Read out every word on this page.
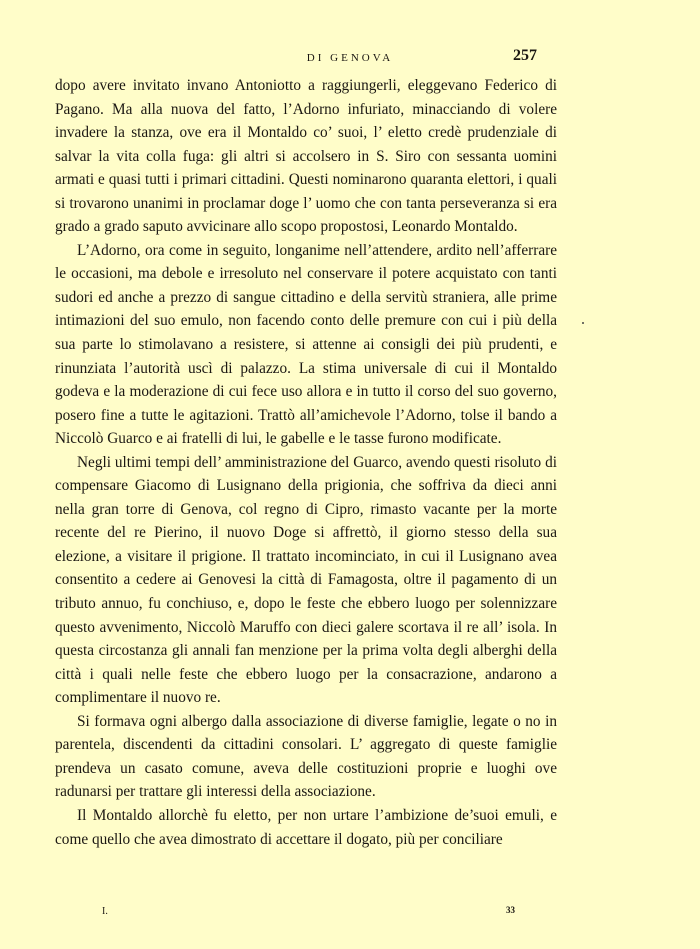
DI GENOVA	257

dopo avere invitato invano Antoniotto a raggiungerli, eleggevano Federico di Pagano. Ma alla nuova del fatto, l’Adorno infuriato, minacciando di volere invadere la stanza, ove era il Montaldo co’ suoi, l’ eletto credè prudenziale di salvar la vita colla fuga: gli altri si accolsero in S. Siro con sessanta uomini armati e quasi tutti i primari cittadini. Questi nominarono quaranta elettori, i quali si trovarono unanimi in proclamar doge l’ uomo che con tanta perseveranza si era grado a grado saputo avvicinare allo scopo propostosi, Leonardo Montaldo.

L’Adorno, ora come in seguito, longanime nell’attendere, ardito nell’afferrare le occasioni, ma debole e irresoluto nel conservare il potere acquistato con tanti sudori ed anche a prezzo di sangue cittadino e della servitù straniera, alle prime intimazioni del suo emulo, non facendo conto delle premure con cui i più della sua parte lo stimolavano a resistere, si attenne ai consigli dei più prudenti, e rinunziata l’autorità uscì di palazzo. La stima universale di cui il Montaldo godeva e la moderazione di cui fece uso allora e in tutto il corso del suo governo, posero fine a tutte le agitazioni. Trattò all’amichevole l’Adorno, tolse il bando a Niccolò Guarco e ai fratelli di lui, le gabelle e le tasse furono modificate.

Negli ultimi tempi dell’ amministrazione del Guarco, avendo questi risoluto di compensare Giacomo di Lusignano della prigionia, che soffriva da dieci anni nella gran torre di Genova, col regno di Cipro, rimasto vacante per la morte recente del re Pierino, il nuovo Doge si affrettò, il giorno stesso della sua elezione, a visitare il prigione. Il trattato incominciato, in cui il Lusignano avea consentito a cedere ai Genovesi la città di Famagosta, oltre il pagamento di un tributo annuo, fu conchiuso, e, dopo le feste che ebbero luogo per solennizzare questo avvenimento, Niccolò Maruffo con dieci galere scortava il re all’ isola. In questa circostanza gli annali fan menzione per la prima volta degli alberghi della città i quali nelle feste che ebbero luogo per la consacrazione, andarono a complimentare il nuovo re.

Si formava ogni albergo dalla associazione di diverse famiglie, legate o no in parentela, discendenti da cittadini consolari. L’ aggregato di queste famiglie prendeva un casato comune, aveva delle costituzioni proprie e luoghi ove radunarsi per trattare gli interessi della associazione.

Il Montaldo allorchè fu eletto, per non urtare l’ambizione de’suoi emuli, e come quello che avea dimostrato di accettare il dogato, più per conciliare

I.	33
